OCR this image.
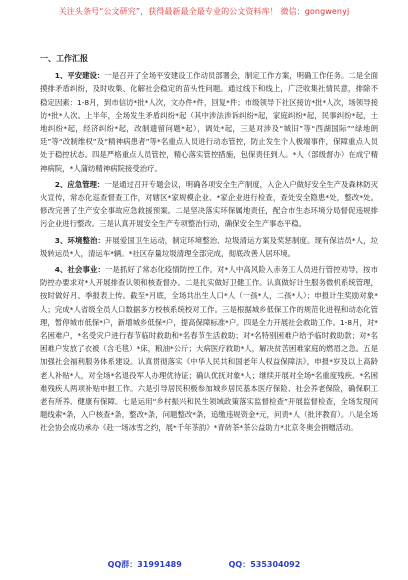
关注头条号“公文研究”，获得最新最全最专业的公文资料库！ 微信：gongwenyj
一、工作汇报

1、平安建设：一是召开了全场平安建设工作动员部署会，制定工作方案，明确工作任务。二是全面摸排矛盾纠纷，及时收集、化解社会稳定的苗头性问题。通过线下和线上，广泛收集社情民意，排除不稳定因素：1-8月，到市信访*批*人次，文办件*件，回复*件；市级领导下社区接访*批*人次，场领导接访*批*人次。上半年，全场发生矛盾纠纷*起（其中涉法涉诉纠纷*起，家庭纠纷*起，民事纠纷*起，土地纠纷*起，经济纠纷*起，改制遗留问题*起），调处*起，三是对涉及“城旧”等“西湖国际”“绿地朗廷”等“改制维权”及“精神病患者”等*名重点人员进行动态管控，防止发生个人极端事件，保障重点人员处于稳控状态。四是严格重点人员管控，精心落实管控措施，包保责任到人。*人（部级督办）在成宁精神病院，*人蒲纺精神病院接受治疗。

2、应急管理：一是通过召开专题会议，明确各项安全生产制度，入企入户做好安全生产及森林防灭火宣传，常态化巡查督查工作，对辖区*家规模企业、*家企业进行检查，查处安全隐患*处，整改*处。修改完善了生产安全事故应急救援预案。二是坚决落实环保属地责任，配合市生态环境分局督促违规排污企业进行整改。三是认真开展安全生产专项整治行动，确保安全生产事态平稳。

3、环境整治：开展爱国卫生运动，制定环境整治、垃圾清运方案及奖惩制度。现有保洁员*人，垃圾转运员*人，清运车*辆。*社区存量垃圾清理全部完成，彻底改善人居环境。

4、社会事业：一是抓好了常态化疫情防控工作。对*人中高风险入赤务工人员进行管控劝导，按市防控办要求对*人开展排查认领和核查督办。二是扎实做好卫健工作。认真做好计生服务微机系统管理，按时做好月、季报表上传。截至*月底，全场共出生人口*人（一孩*人，二孩*人）；申报计生奖励对象*人；完成*人省级全员人口数据多方校核系统校对工作。三是根据城乡低保工作的规范化进程和动态化管理，暂停城市低保*户，新增城乡低保*户，提高保障标准*户。四是全力开展社会救助工作。1-8月，对*名困难户，*名受灾户进行春节临时救助和*名春节生活救助；对*名特别困难户给予临时救助款；对*名困难户发放了衣被（含毛毯）*床，粮油*公斤；大病医疗救助*人，解决贫苦困难家庭的燃眉之急。五是加强社会福利服务体系建设。认真贯彻落实《中华人民共和国老年人权益保障法》，申报*岁及以上高龄老人补贴*人，对全场*名退役军人办理优待证；确认优抚对象*人；继续开展对全场*名重度残疾、*名困难残疾人两项补贴申报工作。六是引导居民积极参加城乡居民基本医疗保险、社会养老保险，确保职工老有所养、健康有保障。七是运用“乡村振兴和民生领域政策落实监督检查”开展监督检查，全场发现问题线索*条，入户核查*条，整改*条，问题整改*条，追缴违规资金*元，问责*人（批评教育）。八是全场社会协会成功承办《赴一场冰雪之约，展*千年茶韵》*青砖茶*茶公益助力*北京冬奥会捐赠活动。

QQ群：31991489	QQ：535304092
